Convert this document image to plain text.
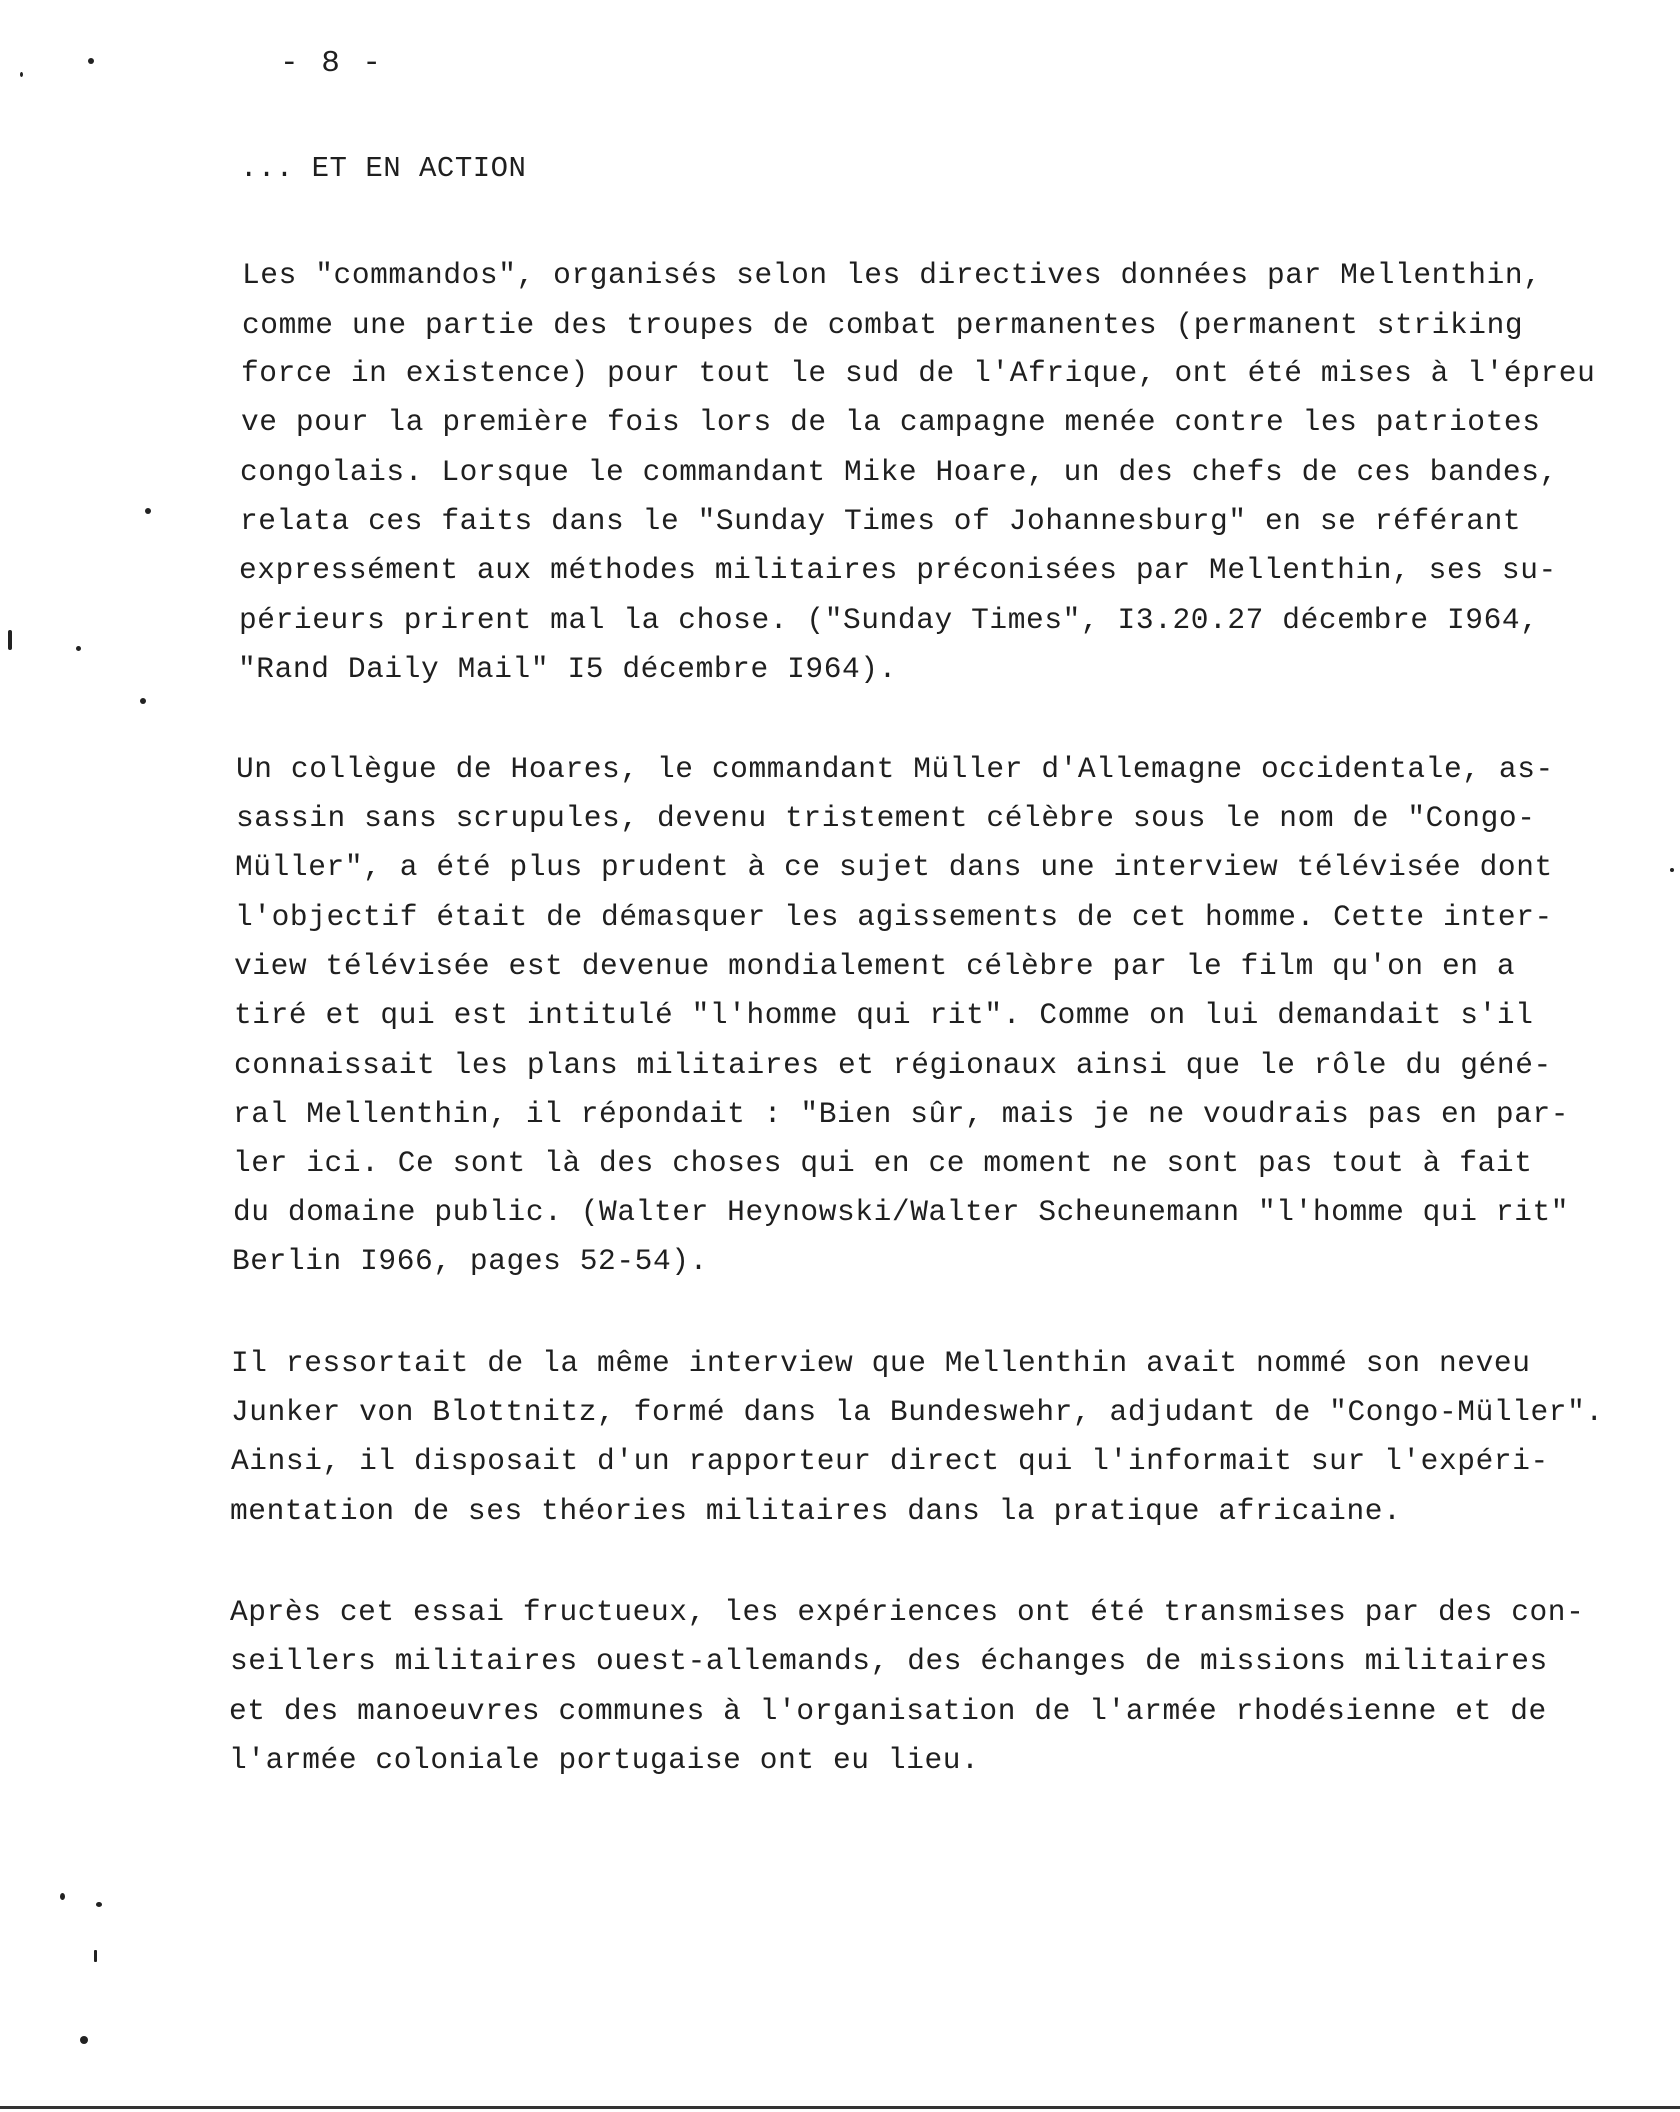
- 8 -
... ET EN ACTION
Les "commandos", organisés selon les directives données par Mellenthin,
comme une partie des troupes de combat permanentes (permanent striking
force in existence) pour tout le sud de l'Afrique, ont été mises à l'épreu
ve pour la première fois lors de la campagne menée contre les patriotes
congolais. Lorsque le commandant Mike Hoare, un des chefs de ces bandes,
relata ces faits dans le "Sunday Times of Johannesburg" en se référant
expressément aux méthodes militaires préconisées par Mellenthin, ses su-
périeurs prirent mal la chose. ("Sunday Times", I3.20.27 décembre I964,
"Rand Daily Mail" I5 décembre I964).
Un collègue de Hoares, le commandant Müller d'Allemagne occidentale, as-
sassin sans scrupules, devenu tristement célèbre sous le nom de "Congo-
Müller", a été plus prudent à ce sujet dans une interview télévisée dont
l'objectif était de démasquer les agissements de cet homme. Cette inter-
view télévisée est devenue mondialement célèbre par le film qu'on en a
tiré et qui est intitulé "l'homme qui rit". Comme on lui demandait s'il
connaissait les plans militaires et régionaux ainsi que le rôle du géné-
ral Mellenthin, il répondait : "Bien sûr, mais je ne voudrais pas en par-
ler ici. Ce sont là des choses qui en ce moment ne sont pas tout à fait
du domaine public. (Walter Heynowski/Walter Scheunemann "l'homme qui rit"
Berlin I966, pages 52-54).
Il ressortait de la même interview que Mellenthin avait nommé son neveu
Junker von Blottnitz, formé dans la Bundeswehr, adjudant de "Congo-Müller".
Ainsi, il disposait d'un rapporteur direct qui l'informait sur l'expéri-
mentation de ses théories militaires dans la pratique africaine.
Après cet essai fructueux, les expériences ont été transmises par des con-
seillers militaires ouest-allemands, des échanges de missions militaires
et des manoeuvres communes à l'organisation de l'armée rhodésienne et de
l'armée coloniale portugaise ont eu lieu.
